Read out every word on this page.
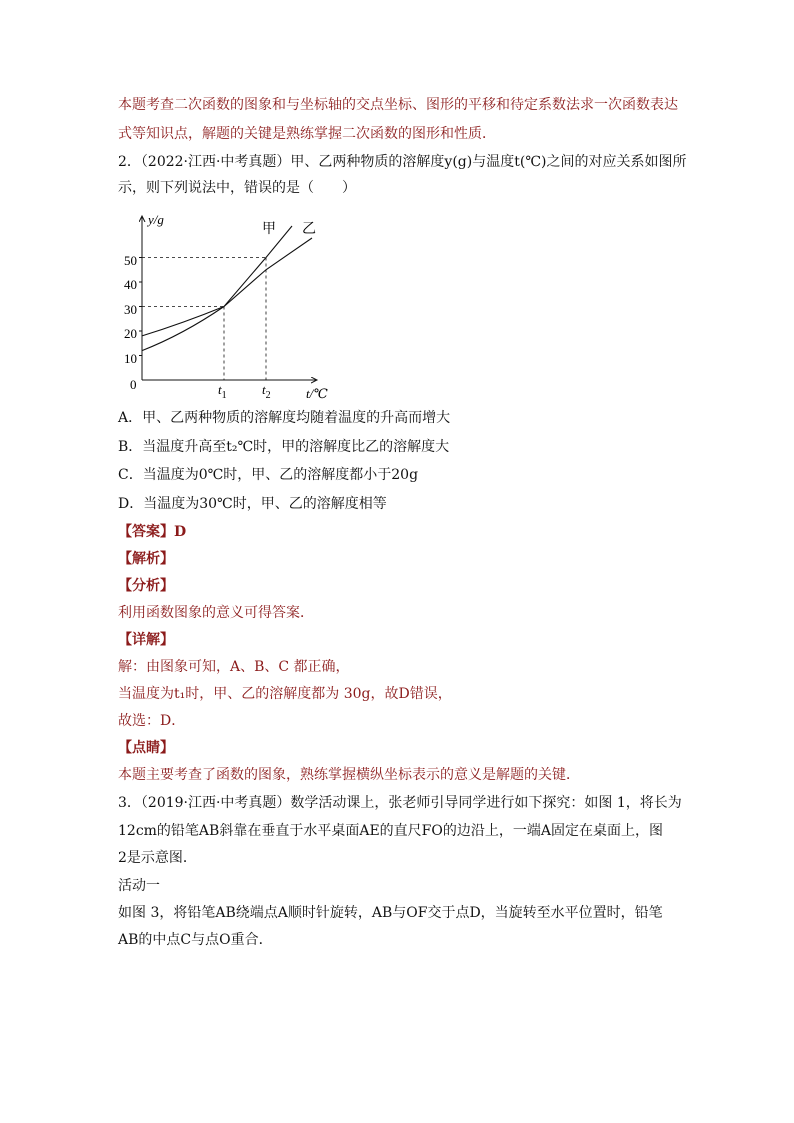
本题考查二次函数的图象和与坐标轴的交点坐标、图形的平移和待定系数法求一次函数表达
式等知识点，解题的关键是熟练掌握二次函数的图形和性质．
2．（2022·江西·中考真题）甲、乙两种物质的溶解度y(g)与温度t(℃)之间的对应关系如图所
示，则下列说法中，错误的是（　　）
y/g
t/℃
0
10
20
30
40
50
$t_1$	$t_2$
甲 乙
A．甲、乙两种物质的溶解度均随着温度的升高而增大
B．当温度升高至t₂℃时，甲的溶解度比乙的溶解度大
C．当温度为0℃时，甲、乙的溶解度都小于20g
D．当温度为30℃时，甲、乙的溶解度相等
【答案】D
【解析】
【分析】
利用函数图象的意义可得答案．
【详解】
解：由图象可知，A、B、C 都正确，
当温度为t₁时，甲、乙的溶解度都为 30g，故D错误，
故选：D．
【点睛】
本题主要考查了函数的图象，熟练掌握横纵坐标表示的意义是解题的关键．
3．（2019·江西·中考真题）数学活动课上，张老师引导同学进行如下探究：如图 1，将长为
12cm的铅笔AB斜靠在垂直于水平桌面AE的直尺FO的边沿上，一端A固定在桌面上，图
2是示意图．
活动一
如图 3，将铅笔AB绕端点A顺时针旋转，AB与OF交于点D，当旋转至水平位置时，铅笔
AB的中点C与点O重合．
